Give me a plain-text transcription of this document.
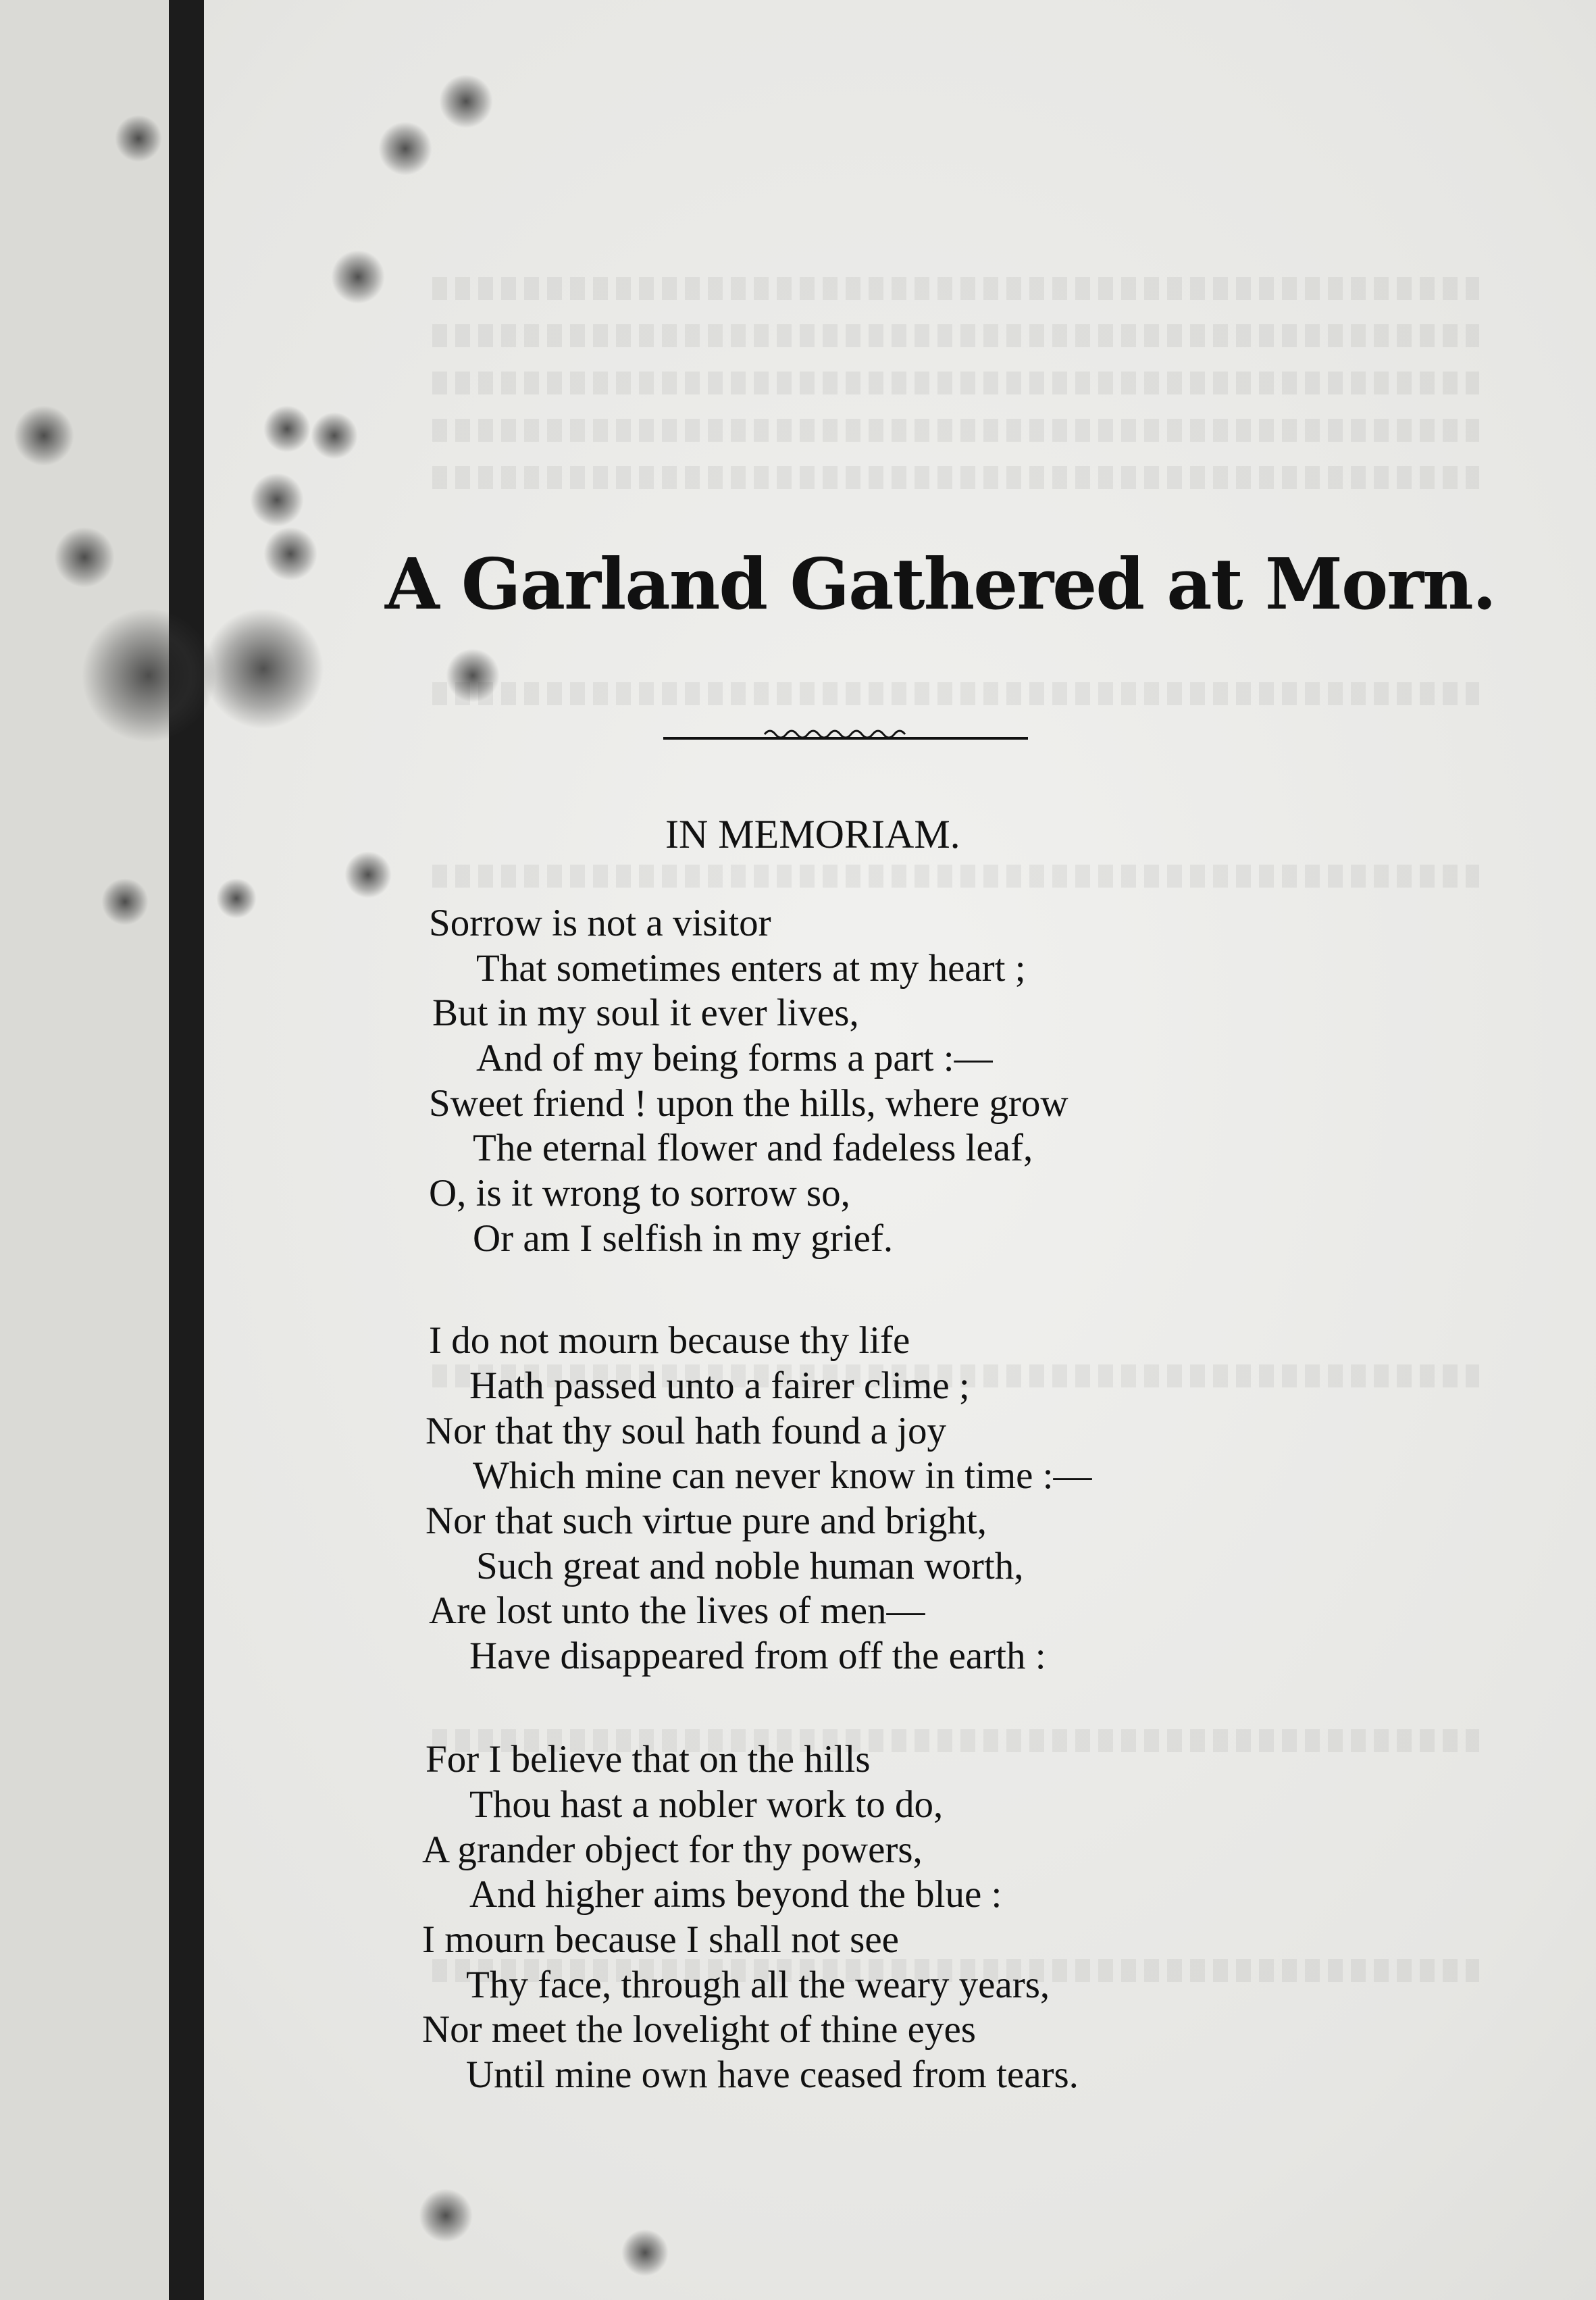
A Garland Gathered at Morn.
IN MEMORIAM.
Sorrow is not a visitor
That sometimes enters at my heart ;
But in my soul it ever lives,
And of my being forms a part :—
Sweet friend ! upon the hills, where grow
The eternal flower and fadeless leaf,
O, is it wrong to sorrow so,
Or am I selfish in my grief.
I do not mourn because thy life
Hath passed unto a fairer clime ;
Nor that thy soul hath found a joy
Which mine can never know in time :—
Nor that such virtue pure and bright,
Such great and noble human worth,
Are lost unto the lives of men—
Have disappeared from off the earth :
For I believe that on the hills
Thou hast a nobler work to do,
A grander object for thy powers,
And higher aims beyond the blue :
I mourn because I shall not see
Thy face, through all the weary years,
Nor meet the lovelight of thine eyes
Until mine own have ceased from tears.
